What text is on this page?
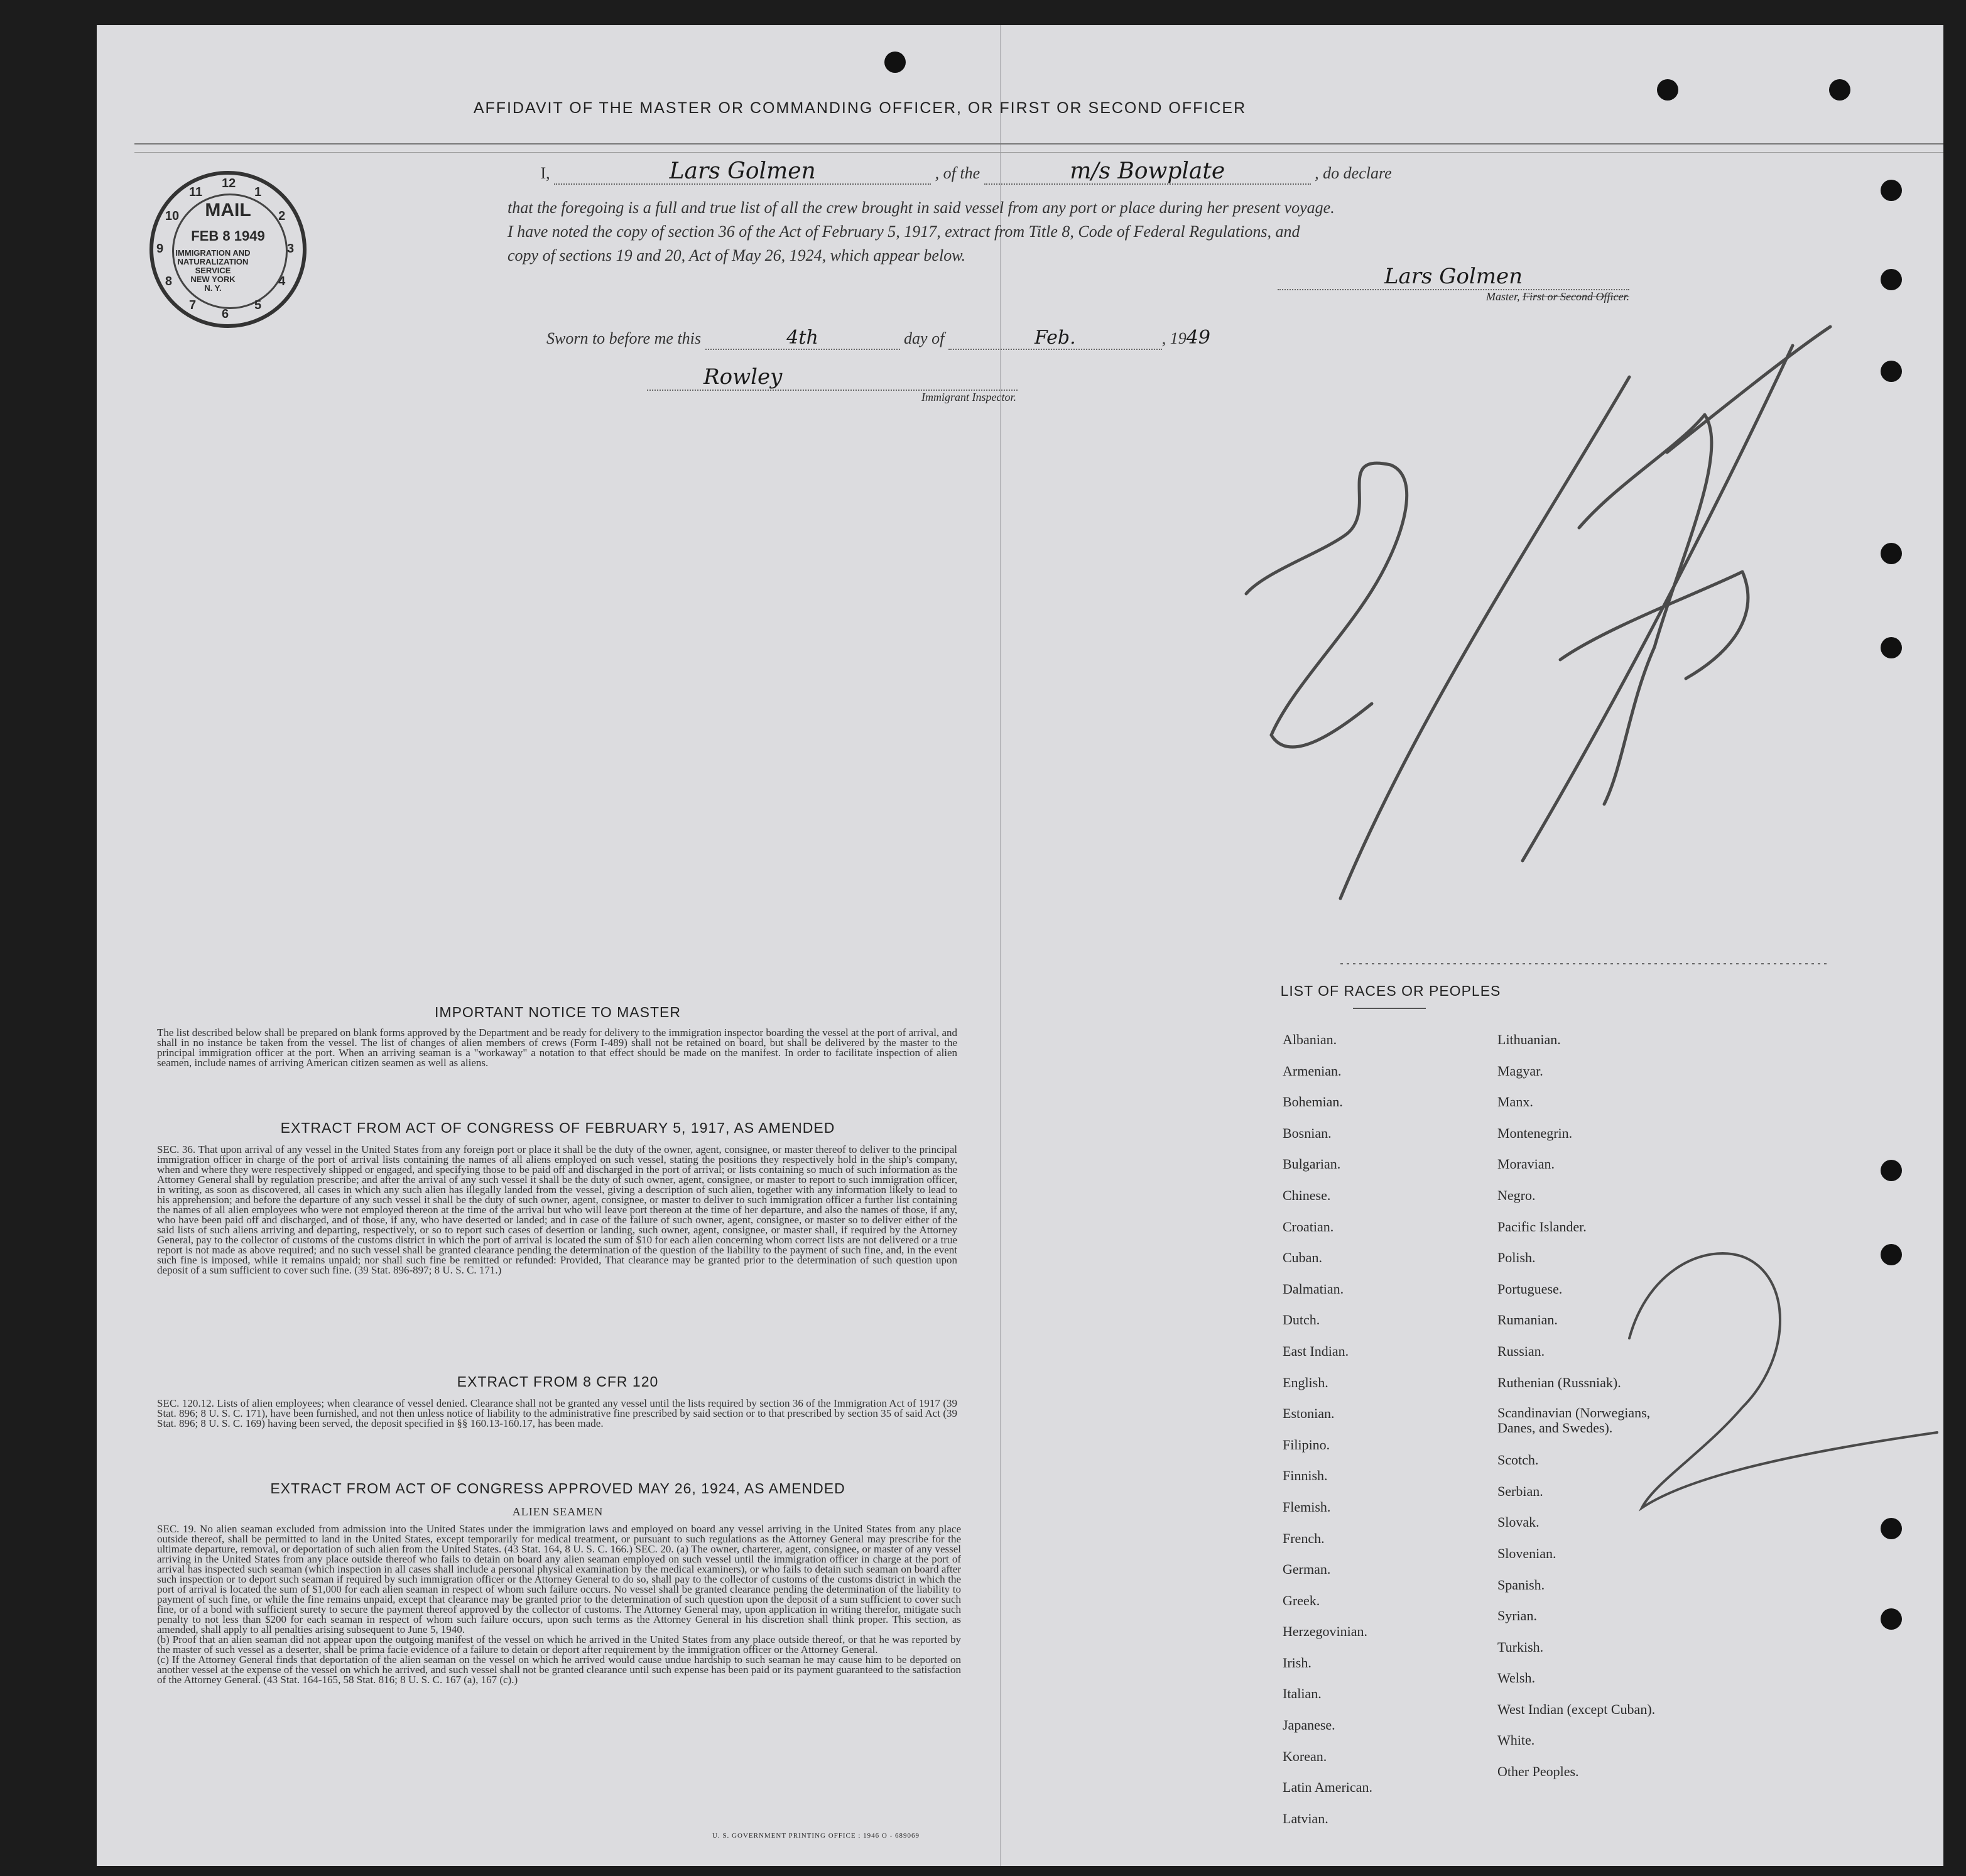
AFFIDAVIT OF THE MASTER OR COMMANDING OFFICER, OR FIRST OR SECOND OFFICER
MAIL
FEB 8 1949
IMMIGRATION AND
NATURALIZATION
SERVICE
NEW YORK
N. Y.
12
1
2
3
4
5
6
7
8
9
10
11
I,	Lars Golmen	, of the	m/s Bowplate	, do declare
that the foregoing is a full and true list of all the crew brought in said vessel from any port or place during her present voyage.
I have noted the copy of section 36 of the Act of February 5, 1917, extract from Title 8, Code of Federal Regulations, and
copy of sections 19 and 20, Act of May 26, 1924, which appear below.
Lars Golmen
Master, First or Second Officer.
Sworn to before me this	4th	day of	Feb.	, 1949
Rowley
Immigrant Inspector.
IMPORTANT NOTICE TO MASTER
The list described below shall be prepared on blank forms approved by the Department and be ready for delivery to the immigration inspector boarding the vessel at the port of arrival, and shall in no instance be taken from the vessel. The list of changes of alien members of crews (Form I-489) shall not be retained on board, but shall be delivered by the master to the principal immigration officer at the port. When an arriving seaman is a "workaway" a notation to that effect should be made on the manifest. In order to facilitate inspection of alien seamen, include names of arriving American citizen seamen as well as aliens.
EXTRACT FROM ACT OF CONGRESS OF FEBRUARY 5, 1917, AS AMENDED
SEC. 36. That upon arrival of any vessel in the United States from any foreign port or place it shall be the duty of the owner, agent, consignee, or master thereof to deliver to the principal immigration officer in charge of the port of arrival lists containing the names of all aliens employed on such vessel, stating the positions they respectively hold in the ship's company, when and where they were respectively shipped or engaged, and specifying those to be paid off and discharged in the port of arrival; or lists containing so much of such information as the Attorney General shall by regulation prescribe; and after the arrival of any such vessel it shall be the duty of such owner, agent, consignee, or master to report to such immigration officer, in writing, as soon as discovered, all cases in which any such alien has illegally landed from the vessel, giving a description of such alien, together with any information likely to lead to his apprehension; and before the departure of any such vessel it shall be the duty of such owner, agent, consignee, or master to deliver to such immigration officer a further list containing the names of all alien employees who were not employed thereon at the time of the arrival but who will leave port thereon at the time of her departure, and also the names of those, if any, who have been paid off and discharged, and of those, if any, who have deserted or landed; and in case of the failure of such owner, agent, consignee, or master so to deliver either of the said lists of such aliens arriving and departing, respectively, or so to report such cases of desertion or landing, such owner, agent, consignee, or master shall, if required by the Attorney General, pay to the collector of customs of the customs district in which the port of arrival is located the sum of $10 for each alien concerning whom correct lists are not delivered or a true report is not made as above required; and no such vessel shall be granted clearance pending the determination of the question of the liability to the payment of such fine, and, in the event such fine is imposed, while it remains unpaid; nor shall such fine be remitted or refunded: Provided, That clearance may be granted prior to the determination of such question upon deposit of a sum sufficient to cover such fine. (39 Stat. 896-897; 8 U. S. C. 171.)
EXTRACT FROM 8 CFR 120
SEC. 120.12. Lists of alien employees; when clearance of vessel denied. Clearance shall not be granted any vessel until the lists required by section 36 of the Immigration Act of 1917 (39 Stat. 896; 8 U. S. C. 171), have been furnished, and not then unless notice of liability to the administrative fine prescribed by said section or to that prescribed by section 35 of said Act (39 Stat. 896; 8 U. S. C. 169) having been served, the deposit specified in §§ 160.13-160.17, has been made.
EXTRACT FROM ACT OF CONGRESS APPROVED MAY 26, 1924, AS AMENDED
ALIEN SEAMEN
SEC. 19. No alien seaman excluded from admission into the United States under the immigration laws and employed on board any vessel arriving in the United States from any place outside thereof, shall be permitted to land in the United States, except temporarily for medical treatment, or pursuant to such regulations as the Attorney General may prescribe for the ultimate departure, removal, or deportation of such alien from the United States. (43 Stat. 164, 8 U. S. C. 166.) SEC. 20. (a) The owner, charterer, agent, consignee, or master of any vessel arriving in the United States from any place outside thereof who fails to detain on board any alien seaman employed on such vessel until the immigration officer in charge at the port of arrival has inspected such seaman (which inspection in all cases shall include a personal physical examination by the medical examiners), or who fails to detain such seaman on board after such inspection or to deport such seaman if required by such immigration officer or the Attorney General to do so, shall pay to the collector of customs of the customs district in which the port of arrival is located the sum of $1,000 for each alien seaman in respect of whom such failure occurs. No vessel shall be granted clearance pending the determination of the liability to payment of such fine, or while the fine remains unpaid, except that clearance may be granted prior to the determination of such question upon the deposit of a sum sufficient to cover such fine, or of a bond with sufficient surety to secure the payment thereof approved by the collector of customs. The Attorney General may, upon application in writing therefor, mitigate such penalty to not less than $200 for each seaman in respect of whom such failure occurs, upon such terms as the Attorney General in his discretion shall think proper. This section, as amended, shall apply to all penalties arising subsequent to June 5, 1940.
(b) Proof that an alien seaman did not appear upon the outgoing manifest of the vessel on which he arrived in the United States from any place outside thereof, or that he was reported by the master of such vessel as a deserter, shall be prima facie evidence of a failure to detain or deport after requirement by the immigration officer or the Attorney General.
(c) If the Attorney General finds that deportation of the alien seaman on the vessel on which he arrived would cause undue hardship to such seaman he may cause him to be deported on another vessel at the expense of the vessel on which he arrived, and such vessel shall not be granted clearance until such expense has been paid or its payment guaranteed to the satisfaction of the Attorney General. (43 Stat. 164-165, 58 Stat. 816; 8 U. S. C. 167 (a), 167 (c).)
U. S. GOVERNMENT PRINTING OFFICE : 1946 O - 689069
LIST OF RACES OR PEOPLES
Albanian.
Armenian.
Bohemian.
Bosnian.
Bulgarian.
Chinese.
Croatian.
Cuban.
Dalmatian.
Dutch.
East Indian.
English.
Estonian.
Filipino.
Finnish.
Flemish.
French.
German.
Greek.
Herzegovinian.
Irish.
Italian.
Japanese.
Korean.
Latin American.
Latvian.
Lithuanian.
Magyar.
Manx.
Montenegrin.
Moravian.
Negro.
Pacific Islander.
Polish.
Portuguese.
Rumanian.
Russian.
Ruthenian (Russniak).
Scandinavian (Norwegians, Danes, and Swedes).
Scotch.
Serbian.
Slovak.
Slovenian.
Spanish.
Syrian.
Turkish.
Welsh.
West Indian (except Cuban).
White.
Other Peoples.
